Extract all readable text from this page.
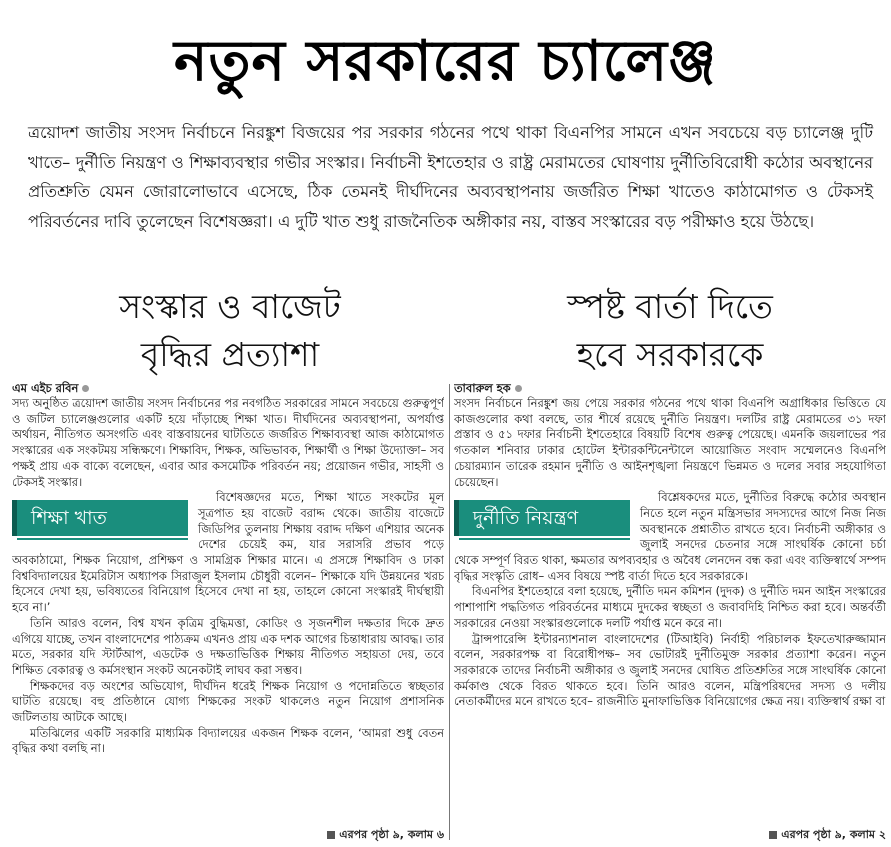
নতুন সরকারের চ্যালেঞ্জ

ত্রয়োদশ জাতীয় সংসদ নির্বাচনে নিরঙ্কুশ বিজয়ের পর সরকার গঠনের পথে থাকা বিএনপির সামনে এখন সবচেয়ে বড় চ্যালেঞ্জ দুটি খাতে– দুর্নীতি নিয়ন্ত্রণ ও শিক্ষাব্যবস্থার গভীর সংস্কার। নির্বাচনী ইশতেহার ও রাষ্ট্র মেরামতের ঘোষণায় দুর্নীতিবিরোধী কঠোর অবস্থানের প্রতিশ্রুতি যেমন জোরালোভাবে এসেছে, ঠিক তেমনই দীর্ঘদিনের অব্যবস্থাপনায় জর্জরিত শিক্ষা খাতেও কাঠামোগত ও টেকসই পরিবর্তনের দাবি তুলেছেন বিশেষজ্ঞরা। এ দুটি খাত শুধু রাজনৈতিক অঙ্গীকার নয়, বাস্তব সংস্কারের বড় পরীক্ষাও হয়ে উঠছে।

সংস্কার ও বাজেট
বৃদ্ধির প্রত্যাশা
স্পষ্ট বার্তা দিতে
হবে সরকারকে
এম এইচ রবিন

সদ্য অনুষ্ঠিত ত্রয়োদশ জাতীয় সংসদ নির্বাচনের পর নবগঠিত সরকারের সামনে সবচেয়ে গুরুত্বপূর্ণ ও জটিল চ্যালেঞ্জগুলোর একটি হয়ে দাঁড়াচ্ছে শিক্ষা খাত। দীর্ঘদিনের অব্যবস্থাপনা, অপর্যাপ্ত অর্থায়ন, নীতিগত অসংগতি এবং বাস্তবায়নের ঘাটতিতে জর্জরিত শিক্ষাব্যবস্থা আজ কাঠামোগত সংস্কারের এক সংকটময় সন্ধিক্ষণে। শিক্ষাবিদ, শিক্ষক, অভিভাবক, শিক্ষার্থী ও শিক্ষা উদ্যোক্তা– সব পক্ষই প্রায় এক বাক্যে বলেছেন, এবার আর কসমেটিক পরিবর্তন নয়; প্রয়োজন গভীর, সাহসী ও টেকসই সংস্কার।

শিক্ষা খাত

বিশেষজ্ঞদের মতে, শিক্ষা খাতে সংকটের মূল সূত্রপাত হয় বাজেট বরাদ্দ থেকে। জাতীয় বাজেটে জিডিপির তুলনায় শিক্ষায় বরাদ্দ দক্ষিণ এশিয়ার অনেক দেশের চেয়েই কম, যার সরাসরি প্রভাব পড়ে অবকাঠামো, শিক্ষক নিয়োগ, প্রশিক্ষণ ও সামগ্রিক শিক্ষার মানে। এ প্রসঙ্গে শিক্ষাবিদ ও ঢাকা বিশ্ববিদ্যালয়ের ইমেরিটাস অধ্যাপক সিরাজুল ইসলাম চৌধুরী বলেন– শিক্ষাকে যদি উন্নয়নের খরচ হিসেবে দেখা হয়, ভবিষ্যতের বিনিয়োগ হিসেবে দেখা না হয়, তাহলে কোনো সংস্কারই দীর্ঘস্থায়ী হবে না।’

তিনি আরও বলেন, বিশ্ব যখন কৃত্রিম বুদ্ধিমত্তা, কোডিং ও সৃজনশীল দক্ষতার দিকে দ্রুত এগিয়ে যাচ্ছে, তখন বাংলাদেশের পাঠ্যক্রম এখনও প্রায় এক দশক আগের চিন্তাধারায় আবদ্ধ। তার মতে, সরকার যদি স্টার্টআপ, এডটেক ও দক্ষতাভিত্তিক শিক্ষায় নীতিগত সহায়তা দেয়, তবে শিক্ষিত বেকারত্ব ও কর্মসংস্থান সংকট অনেকটাই লাঘব করা সম্ভব।

শিক্ষকদের বড় অংশের অভিযোগ, দীর্ঘদিন ধরেই শিক্ষক নিয়োগ ও পদোন্নতিতে স্বচ্ছতার ঘাটতি রয়েছে। বহু প্রতিষ্ঠানে যোগ্য শিক্ষকের সংকট থাকলেও নতুন নিয়োগ প্রশাসনিক জটিলতায় আটকে আছে।

মতিঝিলের একটি সরকারি মাধ্যমিক বিদ্যালয়ের একজন শিক্ষক বলেন, ‘আমরা শুধু বেতন বৃদ্ধির কথা বলছি না।

এরপর পৃষ্ঠা ৯, কলাম ৬
তাবারুল হক

সংসদ নির্বাচনে নিরঙ্কুশ জয় পেয়ে সরকার গঠনের পথে থাকা বিএনপি অগ্রাধিকার ভিত্তিতে যে কাজগুলোর কথা বলছে, তার শীর্ষে রয়েছে দুর্নীতি নিয়ন্ত্রণ। দলটির রাষ্ট্র মেরামতের ৩১ দফা প্রস্তাব ও ৫১ দফার নির্বাচনী ইশতেহারে বিষয়টি বিশেষ গুরুত্ব পেয়েছে। এমনকি জয়লাভের পর গতকাল শনিবার ঢাকার হোটেল ইন্টারকন্টিনেন্টালে আয়োজিত সংবাদ সম্মেলনেও বিএনপি চেয়ারম্যান তারেক রহমান দুর্নীতি ও আইনশৃঙ্খলা নিয়ন্ত্রণে ভিন্নমত ও দলের সবার সহযোগিতা চেয়েছেন।

দুর্নীতি নিয়ন্ত্রণ

বিশ্লেষকদের মতে, দুর্নীতির বিরুদ্ধে কঠোর অবস্থান নিতে হলে নতুন মন্ত্রিসভার সদস্যদের আগে নিজ নিজ অবস্থানকে প্রশ্নাতীত রাখতে হবে। নির্বাচনী অঙ্গীকার ও জুলাই সনদের চেতনার সঙ্গে সাংঘর্ষিক কোনো চর্চা থেকে সম্পূর্ণ বিরত থাকা, ক্ষমতার অপব্যবহার ও অবৈধ লেনদেন বন্ধ করা এবং ব্যক্তিস্বার্থে সম্পদ বৃদ্ধির সংস্কৃতি রোধ– এসব বিষয়ে স্পষ্ট বার্তা দিতে হবে সরকারকে।

বিএনপির ইশতেহারে বলা হয়েছে, দুর্নীতি দমন কমিশন (দুদক) ও দুর্নীতি দমন আইন সংস্কারের পাশাপাশি পদ্ধতিগত পরিবর্তনের মাধ্যমে দুদকের স্বচ্ছতা ও জবাবদিহি নিশ্চিত করা হবে। অন্তর্বর্তী সরকারের নেওয়া সংস্কারগুলোকে দলটি পর্যাপ্ত মনে করে না।

ট্রান্সপারেন্সি ইন্টারন্যাশনাল বাংলাদেশের (টিআইবি) নির্বাহী পরিচালক ইফতেখারুজ্জামান বলেন, সরকারপক্ষ বা বিরোধীপক্ষ– সব ভোটারই দুর্নীতিমুক্ত সরকার প্রত্যাশা করেন। নতুন সরকারকে তাদের নির্বাচনী অঙ্গীকার ও জুলাই সনদের ঘোষিত প্রতিশ্রুতির সঙ্গে সাংঘর্ষিক কোনো কর্মকাণ্ড থেকে বিরত থাকতে হবে। তিনি আরও বলেন, মন্ত্রিপরিষদের সদস্য ও দলীয় নেতাকর্মীদের মনে রাখতে হবে– রাজনীতি মুনাফাভিত্তিক বিনিয়োগের ক্ষেত্র নয়। ব্যক্তিস্বার্থ রক্ষা বা

এরপর পৃষ্ঠা ৯, কলাম ২
